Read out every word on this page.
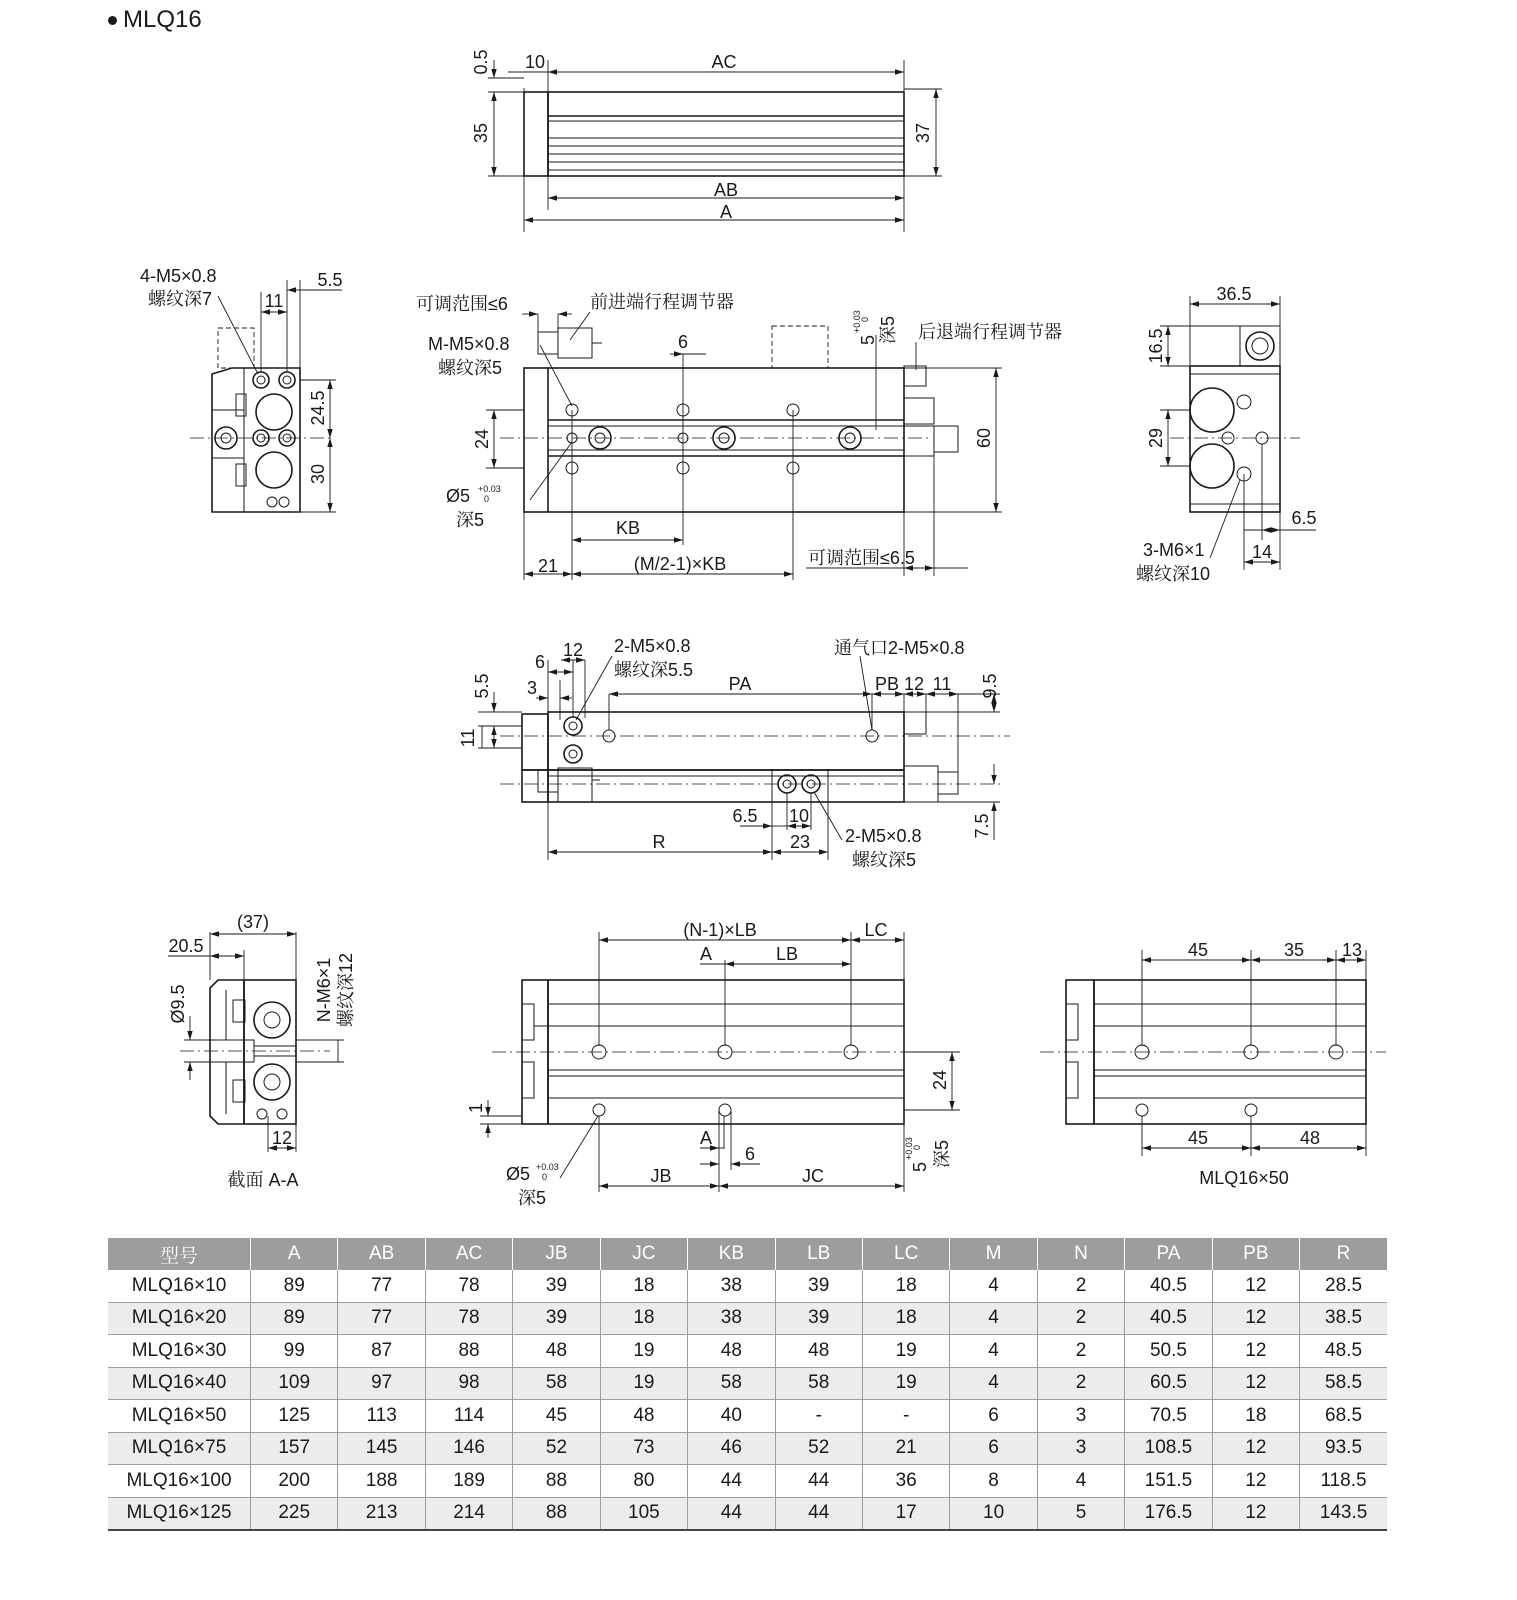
MLQ16
AC
10
AB
A
0.5
35	37
4-M5×0.8
螺纹深7	11
5.5
24.5
30
可调范围≤6	前进端行程调节器
M-M5×0.8
螺纹深5
6	5
+0.03
0 深5 后退端行程调节器
24	60
Ø5 +0.03
0
深5	KB
21	(M/2-1)×KB	可调范围≤6.5
36.5
16.5
29
6.5
3-M6×1
螺纹深10
14
6
12
3
2-M5×0.8
螺纹深5.5
通气口2-M5×0.8
PA	PB 12 11 9.5
5.5
11
7.5
6.5 10
R	23 2-M5×0.8
螺纹深5
(37)
20.5
Ø9.5	N-M6×1 螺纹深12
12
截面 A-A
(N-1)×LB	LC
A	LB
24
1
A
6
JB	JC	5
+0.03
0 深5
Ø5 +0.03
0
深5
45	35 13
45	48
MLQ16×50
型号	A	AB	AC	JB	JC	KB	LB	LC	M	N	PA	PB	R
MLQ16×10	89	77	78	39	18	38	39	18	4	2	40.5	12	28.5
MLQ16×20	89	77	78	39	18	38	39	18	4	2	40.5	12	38.5
MLQ16×30	99	87	88	48	19	48	48	19	4	2	50.5	12	48.5
MLQ16×40	109	97	98	58	19	58	58	19	4	2	60.5	12	58.5
MLQ16×50	125	113	114	45	48	40	-	-	6	3	70.5	18	68.5
MLQ16×75	157	145	146	52	73	46	52	21	6	3	108.5	12	93.5
MLQ16×100	200	188	189	88	80	44	44	36	8	4	151.5	12	118.5
MLQ16×125	225	213	214	88	105	44	44	17	10	5	176.5	12	143.5
